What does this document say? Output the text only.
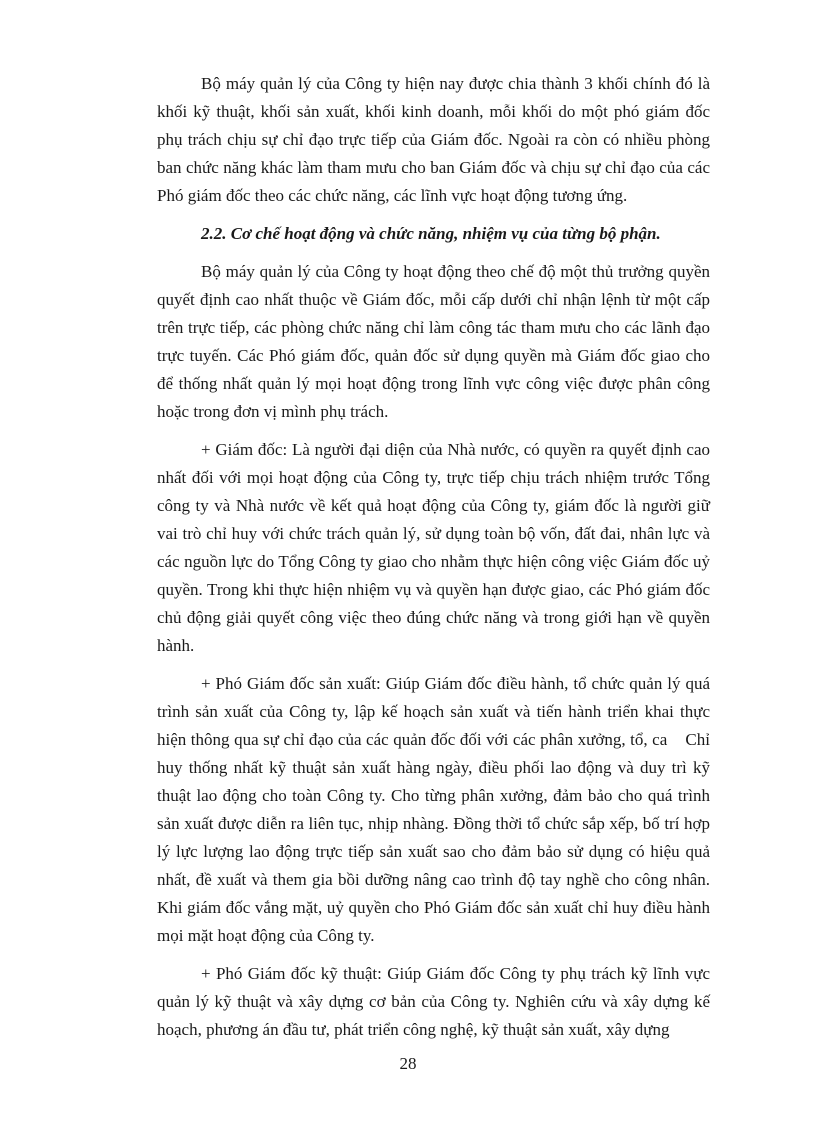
Bộ máy quản lý của Công ty hiện nay được chia thành 3 khối chính đó là khối kỹ thuật, khối sản xuất, khối kinh doanh, mỗi khối do một phó giám đốc phụ trách chịu sự chỉ đạo trực tiếp của Giám đốc. Ngoài ra còn có nhiều phòng ban chức năng khác làm tham mưu cho ban Giám đốc và chịu sự chỉ đạo của các Phó giám đốc theo các chức năng, các lĩnh vực hoạt động tương ứng.

2.2. Cơ chế hoạt động và chức năng, nhiệm vụ của từng bộ phận.

Bộ máy quản lý của Công ty hoạt động theo chế độ một thủ trưởng quyền quyết định cao nhất thuộc về Giám đốc, mỗi cấp dưới chỉ nhận lệnh từ một cấp trên trực tiếp, các phòng chức năng chỉ làm công tác tham mưu cho các lãnh đạo trực tuyến. Các Phó giám đốc, quản đốc sử dụng quyền mà Giám đốc giao cho để thống nhất quản lý mọi hoạt động trong lĩnh vực công việc được phân công hoặc trong đơn vị mình phụ trách.

+ Giám đốc: Là người đại diện của Nhà nước, có quyền ra quyết định cao nhất đối với mọi hoạt động của Công ty, trực tiếp chịu trách nhiệm trước Tổng công ty và Nhà nước về kết quả hoạt động của Công ty, giám đốc là người giữ vai trò chỉ huy với chức trách quản lý, sử dụng toàn bộ vốn, đất đai, nhân lực và các nguồn lực do Tổng Công ty giao cho nhằm thực hiện công việc Giám đốc uỷ quyền. Trong khi thực hiện nhiệm vụ và quyền hạn được giao, các Phó giám đốc chủ động giải quyết công việc theo đúng chức năng và trong giới hạn về quyền hành.

+ Phó Giám đốc sản xuất: Giúp Giám đốc điều hành, tổ chức quản lý quá trình sản xuất của Công ty, lập kế hoạch sản xuất và tiến hành triển khai thực hiện thông qua sự chỉ đạo của các quản đốc đối với các phân xưởng, tổ, ca    Chỉ huy thống nhất kỹ thuật sản xuất hàng ngày, điều phối lao động và duy trì kỹ thuật lao động cho toàn Công ty. Cho từng phân xưởng, đảm bảo cho quá trình sản xuất được diễn ra liên tục, nhịp nhàng. Đồng thời tổ chức sắp xếp, bố trí hợp lý lực lượng lao động trực tiếp sản xuất sao cho đảm bảo sử dụng có hiệu quả nhất, đề xuất và them gia bồi dưỡng nâng cao trình độ tay nghề cho công nhân. Khi giám đốc vắng mặt, uỷ quyền cho Phó Giám đốc sản xuất chỉ huy điều hành mọi mặt hoạt động của Công ty.

+ Phó Giám đốc kỹ thuật: Giúp Giám đốc Công ty phụ trách kỹ lĩnh vực quản lý kỹ thuật và xây dựng cơ bản của Công ty. Nghiên cứu và xây dựng kế hoạch, phương án đầu tư, phát triển công nghệ, kỹ thuật sản xuất, xây dựng

28
